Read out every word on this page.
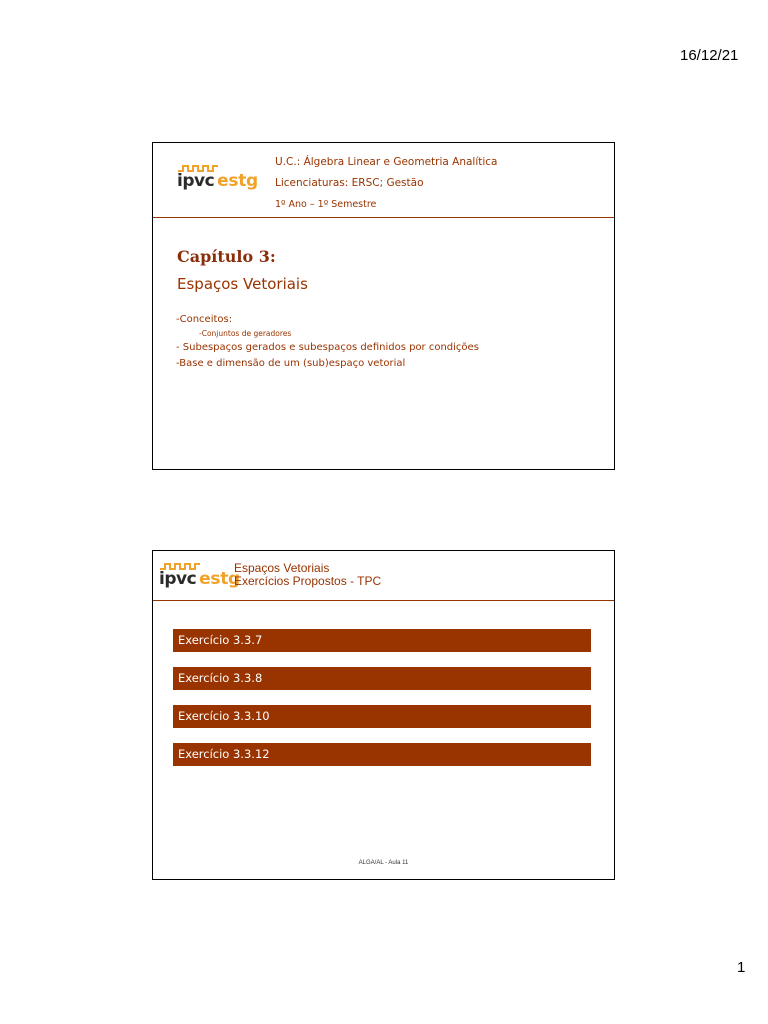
16/12/21
ipvc estg
U.C.: Álgebra Linear e Geometria Analítica
Licenciaturas: ERSC; Gestão
1º Ano – 1º Semestre
Capítulo 3:
Espaços Vetoriais
-Conceitos:
-Conjuntos de geradores
- Subespaços gerados e subespaços definidos por condições
-Base e dimensão de um (sub)espaço vetorial
ipvc estg
Espaços Vetoriais
Exercícios Propostos - TPC
Exercício 3.3.7
Exercício 3.3.8
Exercício 3.3.10
Exercício 3.3.12
ALGA/AL - Aula 11
1
